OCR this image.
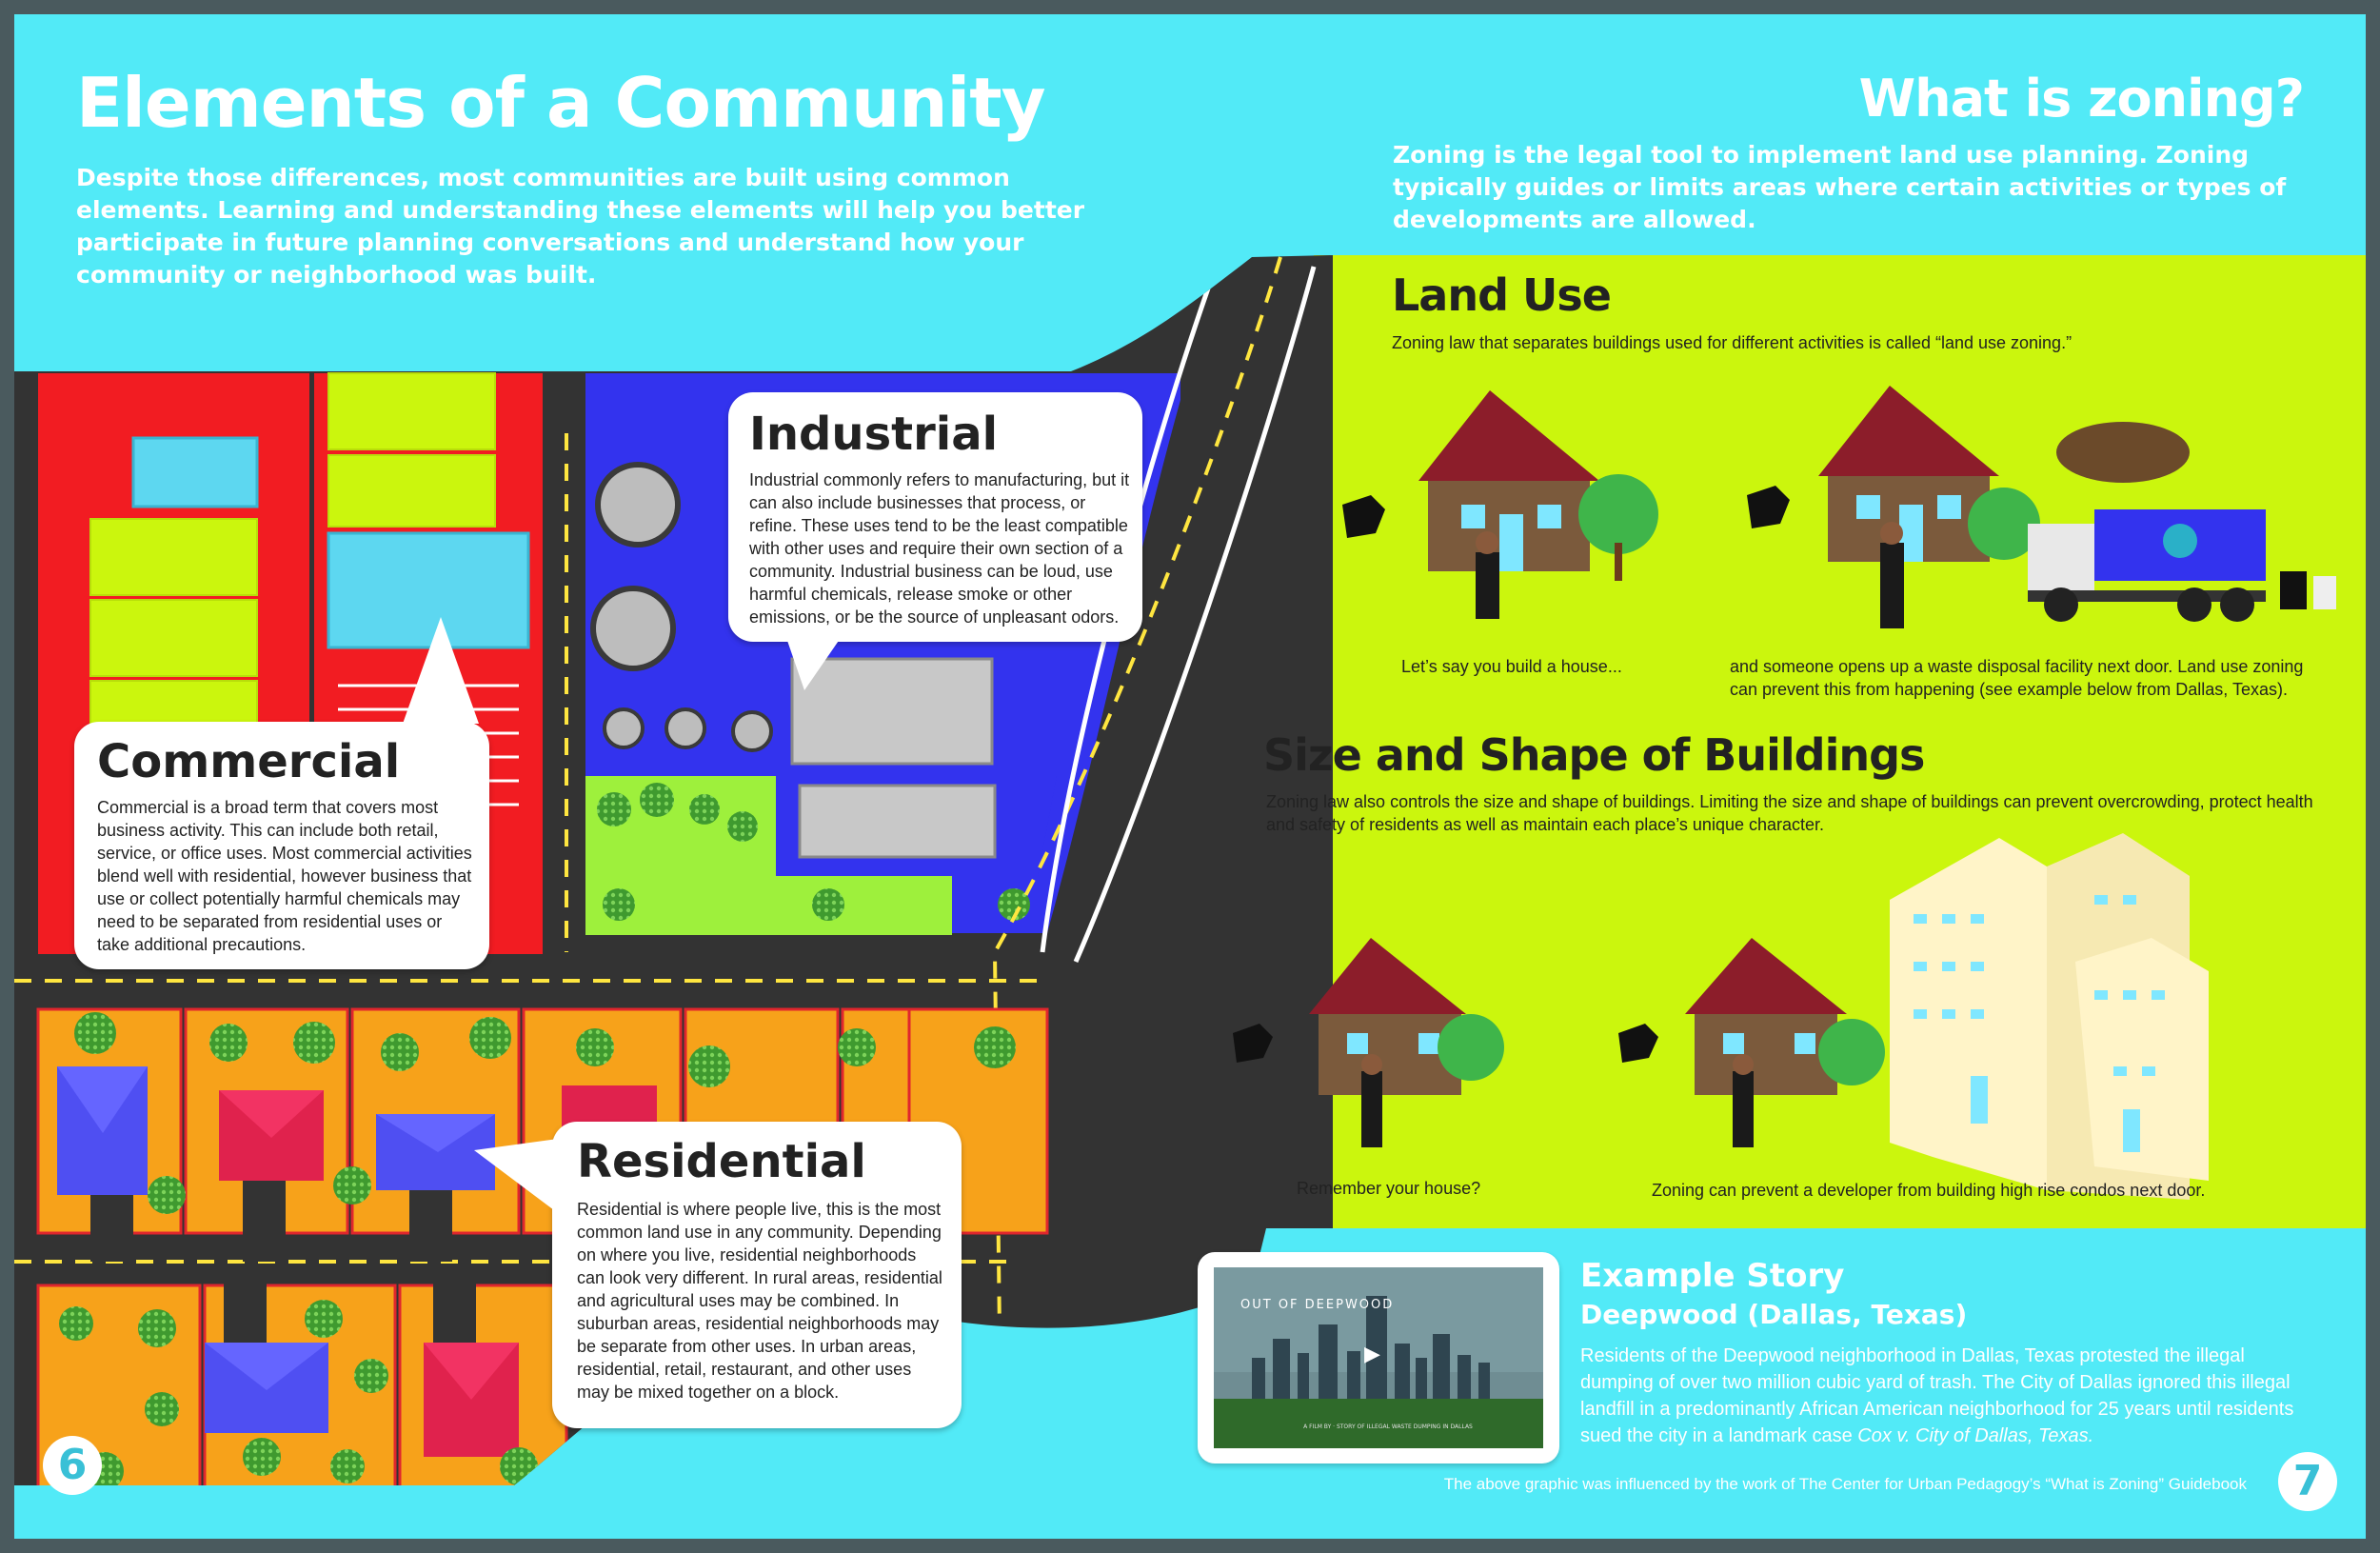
Elements of a Community
Despite those differences, most communities are built using common elements. Learning and understanding these elements will help you better participate in future planning conversations and understand how your community or neighborhood was built.
Industrial

Industrial commonly refers to manufacturing, but it can also include businesses that process, or refine. These uses tend to be the least compatible with other uses and require their own section of a community. Industrial business can be loud, use harmful chemicals, release smoke or other emissions, or be the source of unpleasant odors.

Commercial

Commercial is a broad term that covers most business activity. This can include both retail, service, or office uses. Most commercial activities blend well with residential, however business that use or collect potentially harmful chemicals may need to be separated from residential uses or take additional precautions.

Residential

Residential is where people live, this is the most common land use in any community. Depending on where you live, residential neighborhoods can look very different. In rural areas, residential and agricultural uses may be combined. In suburban areas, residential neighborhoods may be separate from other uses. In urban areas, residential, retail, restaurant, and other uses may be mixed together on a block.

6
What is zoning?
Zoning is the legal tool to implement land use planning. Zoning typically guides or limits areas where certain activities or types of developments are allowed.
Land Use
Zoning law that separates buildings used for different activities is called “land use zoning.”
Let’s say you build a house...	and someone opens up a waste disposal facility next door. Land use zoning can prevent this from happening (see example below from Dallas, Texas).
Size and Shape of Buildings
Zoning law also controls the size and shape of buildings. Limiting the size and shape of buildings can prevent overcrowding, protect health and safety of residents as well as maintain each place’s unique character.
Remember your house?	Zoning can prevent a developer from building high rise condos next door.
OUT OF DEEPWOOD
▶
A FILM BY · STORY OF ILLEGAL WASTE DUMPING IN DALLAS
Example Story
Deepwood (Dallas, Texas)
Residents of the Deepwood neighborhood in Dallas, Texas protested the illegal dumping of over two million cubic yard of trash. The City of Dallas ignored this illegal landfill in a predominantly African American neighborhood for 25 years until residents sued the city in a landmark case Cox v. City of Dallas, Texas.
The above graphic was influenced by the work of The Center for Urban Pedagogy’s “What is Zoning” Guidebook	7
